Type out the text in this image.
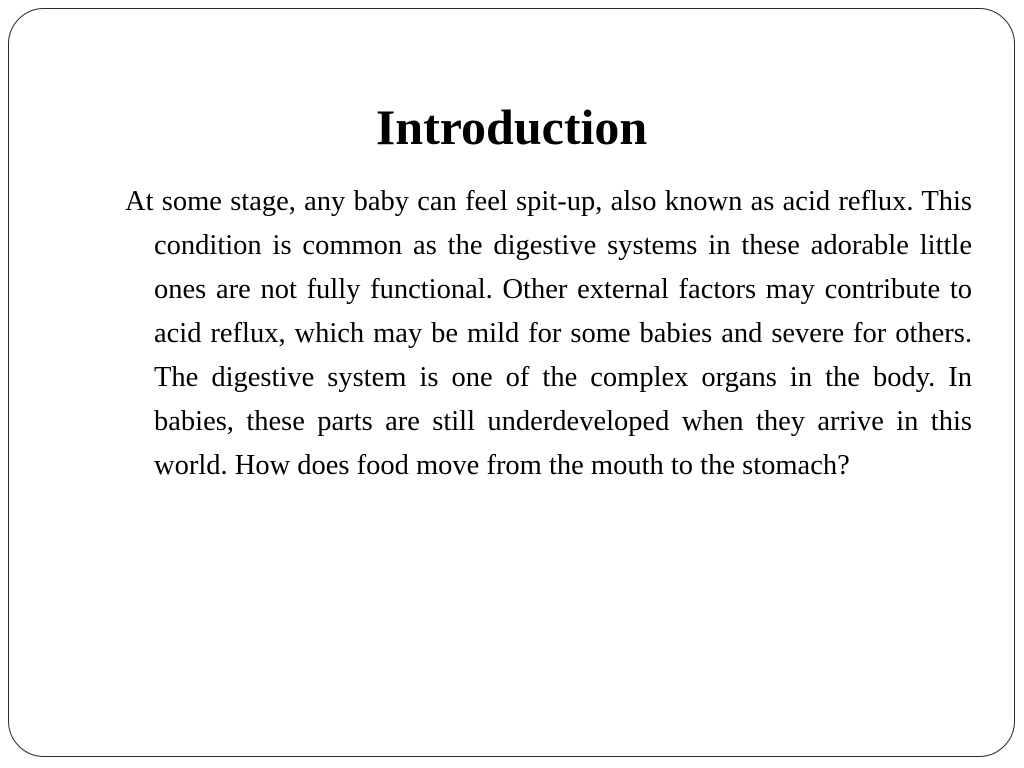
Introduction

At some stage, any baby can feel spit-up, also known as acid reflux. This condition is common as the digestive systems in these adorable little ones are not fully functional. Other external factors may contribute to acid reflux, which may be mild for some babies and severe for others. The digestive system is one of the complex organs in the body. In babies, these parts are still underdeveloped when they arrive in this world. How does food move from the mouth to the stomach?
